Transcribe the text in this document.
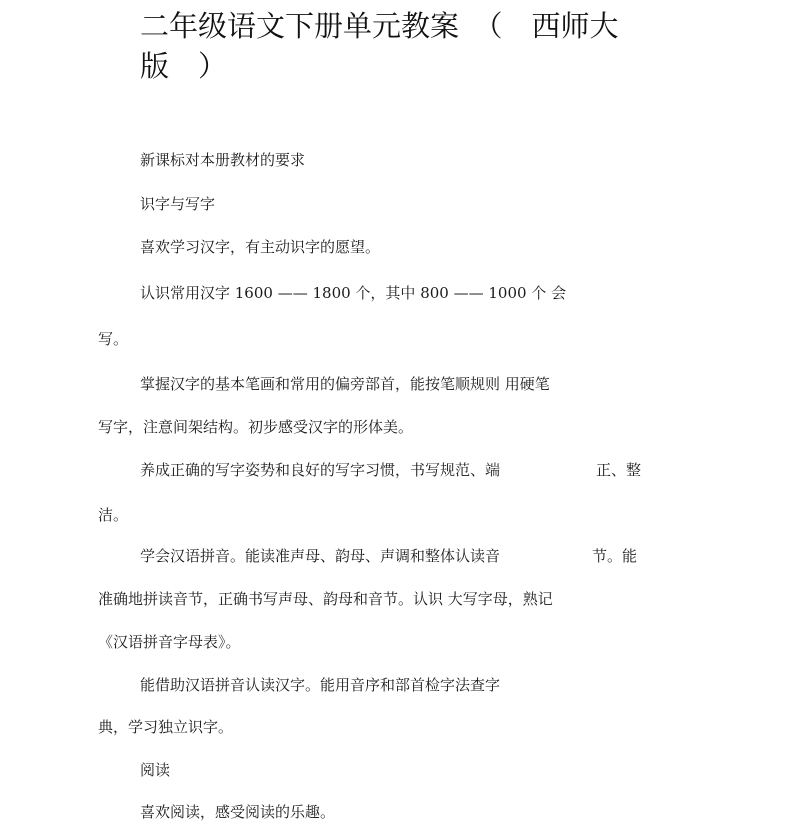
二年级语文下册单元教案　（　西师大
版　）

新课标对本册教材的要求

识字与写字

喜欢学习汉字，有主动识字的愿望。

认识常用汉字 1600 —— 1800 个，其中 800 —— 1000 个 会

写。

掌握汉字的基本笔画和常用的偏旁部首，能按笔顺规则 用硬笔

写字，注意间架结构。初步感受汉字的形体美。

养成正确的写字姿势和良好的写字习惯，书写规范、端	正、整

洁。

学会汉语拼音。能读准声母、韵母、声调和整体认读音	节。能

准确地拼读音节，正确书写声母、韵母和音节。认识 大写字母，熟记

《汉语拼音字母表》。

能借助汉语拼音认读汉字。能用音序和部首检字法查字

典，学习独立识字。

阅读

喜欢阅读，感受阅读的乐趣。
